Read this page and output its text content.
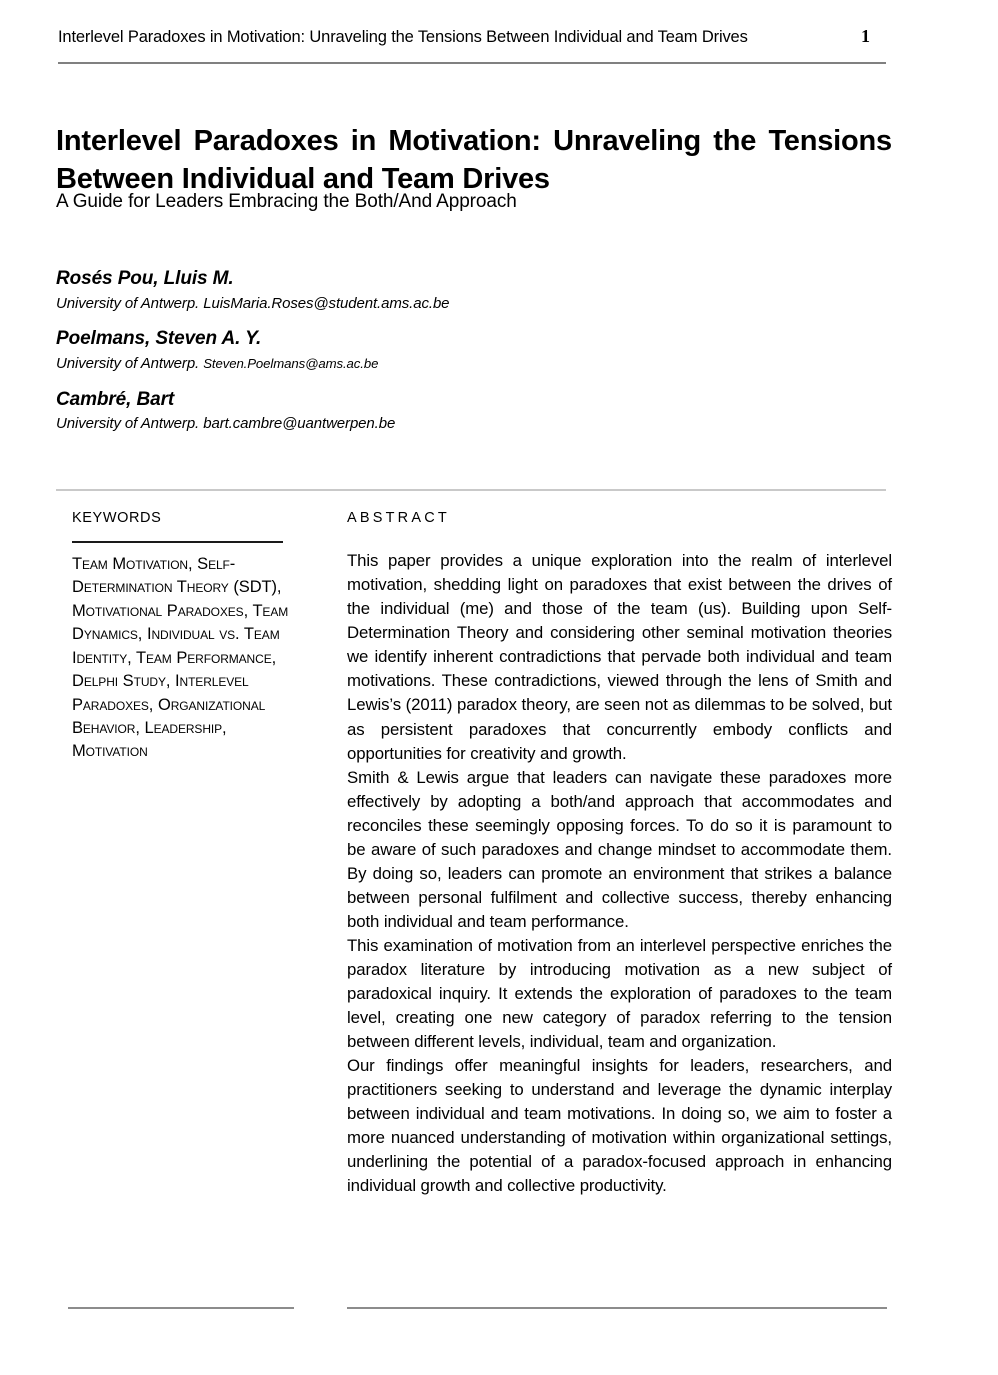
Interlevel Paradoxes in Motivation: Unraveling the Tensions Between Individual and Team Drives	1
Interlevel Paradoxes in Motivation: Unraveling the Tensions Between Individual and Team Drives
A Guide for Leaders Embracing the Both/And Approach
Rosés Pou, Lluis M.
University of Antwerp. LuisMaria.Roses@student.ams.ac.be
Poelmans, Steven A. Y.
University of Antwerp. Steven.Poelmans@ams.ac.be
Cambré, Bart
University of Antwerp. bart.cambre@uantwerpen.be
KEYWORDS
Team Motivation, Self-Determination Theory (SDT), Motivational Paradoxes, Team Dynamics, Individual vs. Team Identity, Team Performance, Delphi Study, Interlevel Paradoxes, Organizational Behavior, Leadership, Motivation
ABSTRACT

This paper provides a unique exploration into the realm of interlevel motivation, shedding light on paradoxes that exist between the drives of the individual (me) and those of the team (us). Building upon Self-Determination Theory and considering other seminal motivation theories we identify inherent contradictions that pervade both individual and team motivations. These contradictions, viewed through the lens of Smith and Lewis’s (2011) paradox theory, are seen not as dilemmas to be solved, but as persistent paradoxes that concurrently embody conflicts and opportunities for creativity and growth.

Smith & Lewis argue that leaders can navigate these paradoxes more effectively by adopting a both/and approach that accommodates and reconciles these seemingly opposing forces. To do so it is paramount to be aware of such paradoxes and change mindset to accommodate them. By doing so, leaders can promote an environment that strikes a balance between personal fulfilment and collective success, thereby enhancing both individual and team performance.

This examination of motivation from an interlevel perspective enriches the paradox literature by introducing motivation as a new subject of paradoxical inquiry. It extends the exploration of paradoxes to the team level, creating one new category of paradox referring to the tension between different levels, individual, team and organization.

Our findings offer meaningful insights for leaders, researchers, and practitioners seeking to understand and leverage the dynamic interplay between individual and team motivations. In doing so, we aim to foster a more nuanced understanding of motivation within organizational settings, underlining the potential of a paradox-focused approach in enhancing individual growth and collective productivity.
